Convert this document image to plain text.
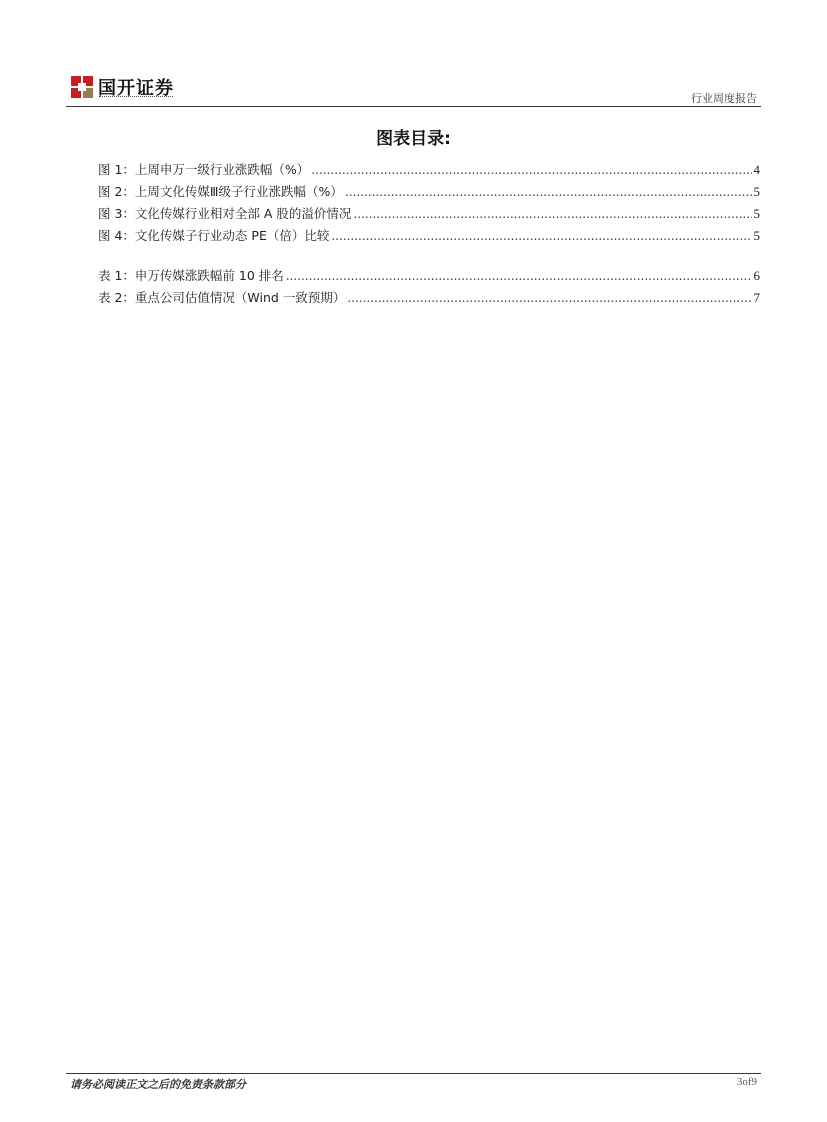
国开证券	行业周度报告
图表目录:
图 1：上周申万一级行业涨跌幅（%） .....	4
图 2：上周文化传媒Ⅲ级子行业涨跌幅（%） .....	5
图 3：文化传媒行业相对全部 A 股的溢价情况 .....	5
图 4：文化传媒子行业动态 PE（倍）比较 .....	5
表 1：申万传媒涨跌幅前 10 排名 .....	6
表 2：重点公司估值情况（Wind 一致预期） .....	7
请务必阅读正文之后的免责条款部分	3of9
